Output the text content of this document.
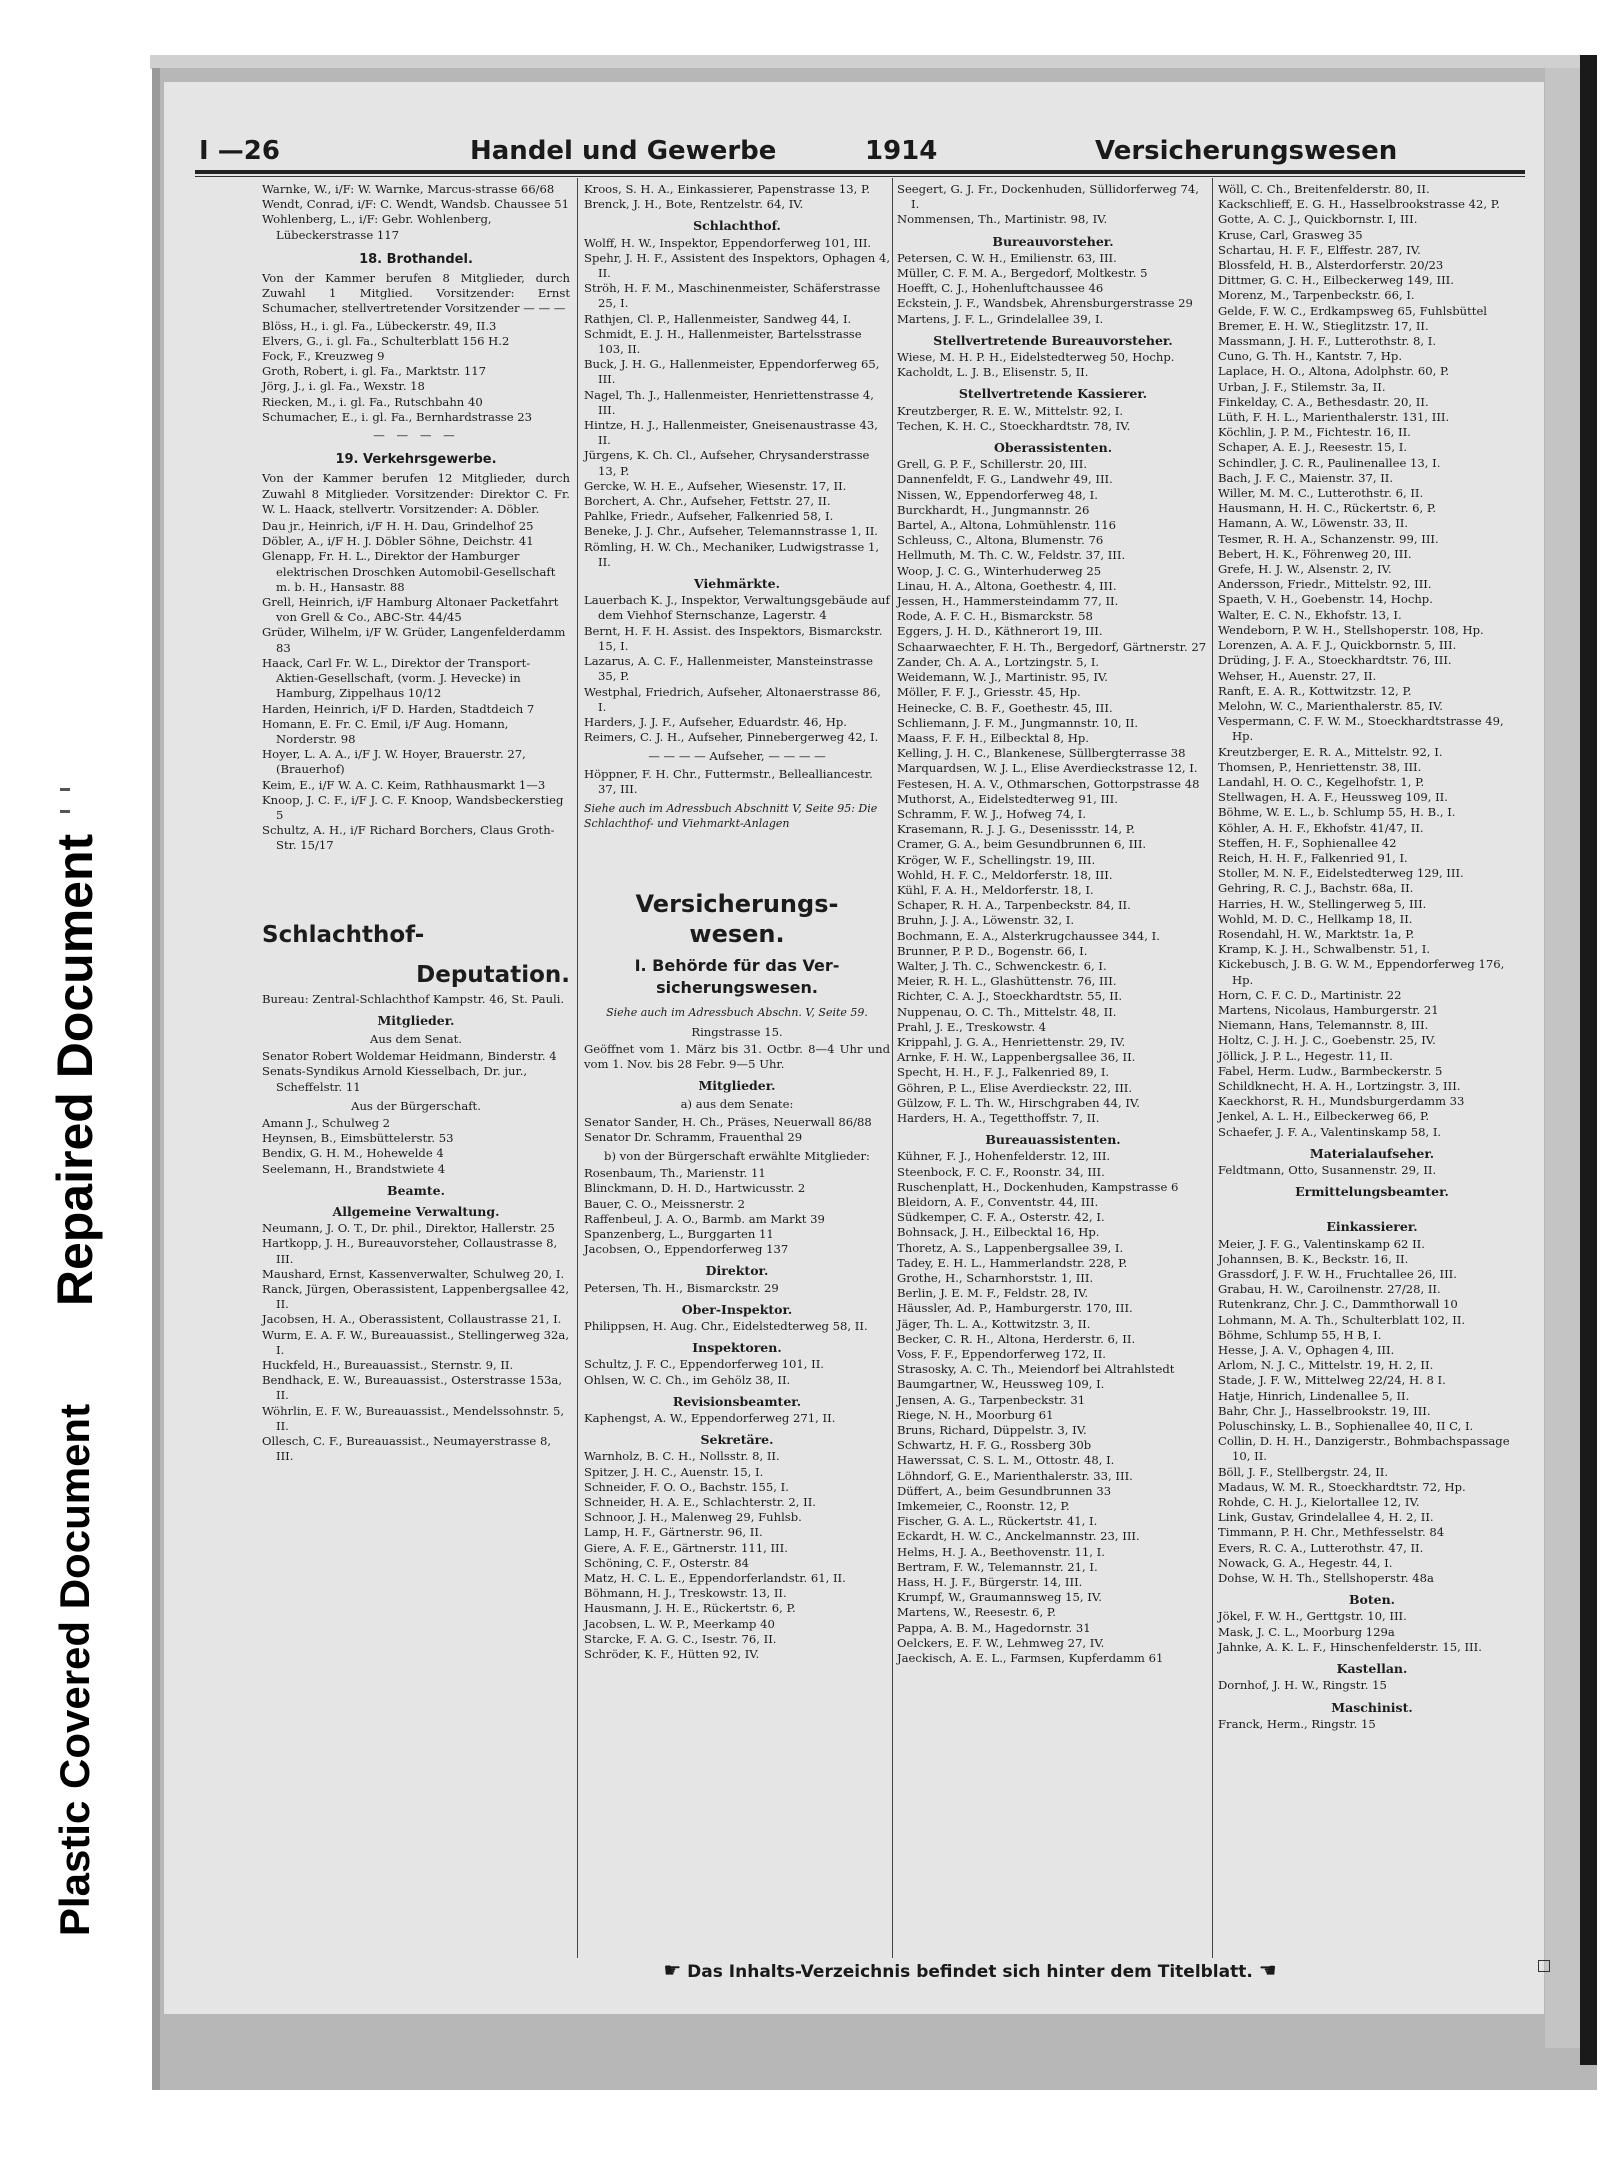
Repaired Document
Plastic Covered Document
I —26	Handel und Gewerbe	1914	Versicherungswesen

Warnke, W., i/F: W. Warnke, Marcus-strasse 66/68

Wendt, Conrad, i/F: C. Wendt, Wandsb. Chaussee 51

Wohlenberg, L., i/F: Gebr. Wohlenberg, Lübeckerstrasse 117

18. Brothandel.

Von der Kammer berufen 8 Mitglieder, durch Zuwahl 1 Mitglied. Vorsitzender: Ernst Schumacher, stellvertretender Vorsitzender — — —

Blöss, H., i. gl. Fa., Lübeckerstr. 49, II.3

Elvers, G., i. gl. Fa., Schulterblatt 156 H.2

Fock, F., Kreuzweg 9

Groth, Robert, i. gl. Fa., Marktstr. 117

Jörg, J., i. gl. Fa., Wexstr. 18

Riecken, M., i. gl. Fa., Rutschbahn 40

Schumacher, E., i. gl. Fa., Bernhardstrasse 23

— — — —
19. Verkehrsgewerbe.

Von der Kammer berufen 12 Mitglieder, durch Zuwahl 8 Mitglieder. Vorsitzender: Direktor C. Fr. W. L. Haack, stellvertr. Vorsitzender: A. Döbler.

Dau jr., Heinrich, i/F H. H. Dau, Grindelhof 25

Döbler, A., i/F H. J. Döbler Söhne, Deichstr. 41

Glenapp, Fr. H. L., Direktor der Hamburger elektrischen Droschken Automobil-Gesellschaft m. b. H., Hansastr. 88

Grell, Heinrich, i/F Hamburg Altonaer Packetfahrt von Grell & Co., ABC-Str. 44/45

Grüder, Wilhelm, i/F W. Grüder, Langenfelderdamm 83

Haack, Carl Fr. W. L., Direktor der Transport-Aktien-Gesellschaft, (vorm. J. Hevecke) in Hamburg, Zippelhaus 10/12

Harden, Heinrich, i/F D. Harden, Stadtdeich 7

Homann, E. Fr. C. Emil, i/F Aug. Homann, Norderstr. 98

Hoyer, L. A. A., i/F J. W. Hoyer, Brauerstr. 27, (Brauerhof)

Keim, E., i/F W. A. C. Keim, Rathhausmarkt 1—3

Knoop, J. C. F., i/F J. C. F. Knoop, Wandsbeckerstieg 5

Schultz, A. H., i/F Richard Borchers, Claus Groth-Str. 15/17

Schlachthof-
Deputation.

Bureau: Zentral-Schlachthof Kampstr. 46, St. Pauli.

Mitglieder.
Aus dem Senat.

Senator Robert Woldemar Heidmann, Binderstr. 4

Senats-Syndikus Arnold Kiesselbach, Dr. jur., Scheffelstr. 11

Aus der Bürgerschaft.

Amann J., Schulweg 2

Heynsen, B., Eimsbüttelerstr. 53

Bendix, G. H. M., Hohewelde 4

Seelemann, H., Brandstwiete 4

Beamte.
Allgemeine Verwaltung.

Neumann, J. O. T., Dr. phil., Direktor, Hallerstr. 25

Hartkopp, J. H., Bureauvorsteher, Collaustrasse 8, III.

Maushard, Ernst, Kassenverwalter, Schulweg 20, I.

Ranck, Jürgen, Oberassistent, Lappenbergsallee 42, II.

Jacobsen, H. A., Oberassistent, Collaustrasse 21, I.

Wurm, E. A. F. W., Bureauassist., Stellingerweg 32a, I.

Huckfeld, H., Bureauassist., Sternstr. 9, II.

Bendhack, E. W., Bureauassist., Osterstrasse 153a, II.

Wöhrlin, E. F. W., Bureauassist., Mendelssohnstr. 5, II.

Ollesch, C. F., Bureauassist., Neumayerstrasse 8, III.

Kroos, S. H. A., Einkassierer, Papenstrasse 13, P.

Brenck, J. H., Bote, Rentzelstr. 64, IV.

Schlachthof.

Wolff, H. W., Inspektor, Eppendorferweg 101, III.

Spehr, J. H. F., Assistent des Inspektors, Ophagen 4, II.

Ströh, H. F. M., Maschinenmeister, Schäferstrasse 25, I.

Rathjen, Cl. P., Hallenmeister, Sandweg 44, I.

Schmidt, E. J. H., Hallenmeister, Bartelsstrasse 103, II.

Buck, J. H. G., Hallenmeister, Eppendorferweg 65, III.

Nagel, Th. J., Hallenmeister, Henriettenstrasse 4, III.

Hintze, H. J., Hallenmeister, Gneisenaustrasse 43, II.

Jürgens, K. Ch. Cl., Aufseher, Chrysanderstrasse 13, P.

Gercke, W. H. E., Aufseher, Wiesenstr. 17, II.

Borchert, A. Chr., Aufseher, Fettstr. 27, II.

Pahlke, Friedr., Aufseher, Falkenried 58, I.

Beneke, J. J. Chr., Aufseher, Telemannstrasse 1, II.

Römling, H. W. Ch., Mechaniker, Ludwigstrasse 1, II.

Viehmärkte.

Lauerbach K. J., Inspektor, Verwaltungsgebäude auf dem Viehhof Sternschanze, Lagerstr. 4

Bernt, H. F. H. Assist. des Inspektors, Bismarckstr. 15, I.

Lazarus, A. C. F., Hallenmeister, Mansteinstrasse 35, P.

Westphal, Friedrich, Aufseher, Altonaerstrasse 86, I.

Harders, J. J. F., Aufseher, Eduardstr. 46, Hp.

Reimers, C. J. H., Aufseher, Pinnebergerweg 42, I.

— — — — Aufseher, — — — —

Höppner, F. H. Chr., Futtermstr., Bellealliancestr. 37, III.

Siehe auch im Adressbuch Abschnitt V, Seite 95: Die Schlachthof- und Viehmarkt-Anlagen

Versicherungs-
wesen.
I. Behörde für das Ver-
sicherungswesen.

Siehe auch im Adressbuch Abschn. V, Seite 59.

Ringstrasse 15.

Geöffnet vom 1. März bis 31. Octbr. 8—4 Uhr und vom 1. Nov. bis 28 Febr. 9—5 Uhr.

Mitglieder.
a) aus dem Senate:

Senator Sander, H. Ch., Präses, Neuerwall 86/88

Senator Dr. Schramm, Frauenthal 29

b) von der Bürgerschaft erwählte Mitglieder:

Rosenbaum, Th., Marienstr. 11

Blinckmann, D. H. D., Hartwicusstr. 2

Bauer, C. O., Meissnerstr. 2

Raffenbeul, J. A. O., Barmb. am Markt 39

Spanzenberg, L., Burggarten 11

Jacobsen, O., Eppendorferweg 137

Direktor.

Petersen, Th. H., Bismarckstr. 29

Ober-Inspektor.

Philippsen, H. Aug. Chr., Eidelstedterweg 58, II.

Inspektoren.

Schultz, J. F. C., Eppendorferweg 101, II.

Ohlsen, W. C. Ch., im Gehölz 38, II.

Revisionsbeamter.

Kaphengst, A. W., Eppendorferweg 271, II.

Sekretäre.

Warnholz, B. C. H., Nollsstr. 8, II.

Spitzer, J. H. C., Auenstr. 15, I.

Schneider, F. O. O., Bachstr. 155, I.

Schneider, H. A. E., Schlachterstr. 2, II.

Schnoor, J. H., Malenweg 29, Fuhlsb.

Lamp, H. F., Gärtnerstr. 96, II.

Giere, A. F. E., Gärtnerstr. 111, III.

Schöning, C. F., Osterstr. 84

Matz, H. C. L. E., Eppendorferlandstr. 61, II.

Böhmann, H. J., Treskowstr. 13, II.

Hausmann, J. H. E., Rückertstr. 6, P.

Jacobsen, L. W. P., Meerkamp 40

Starcke, F. A. G. C., Isestr. 76, II.

Schröder, K. F., Hütten 92, IV.

Seegert, G. J. Fr., Dockenhuden, Süllidorferweg 74, I.

Nommensen, Th., Martinistr. 98, IV.

Bureauvorsteher.

Petersen, C. W. H., Emilienstr. 63, III.

Müller, C. F. M. A., Bergedorf, Moltkestr. 5

Hoefft, C. J., Hohenluftchaussee 46

Eckstein, J. F., Wandsbek, Ahrensburgerstrasse 29

Martens, J. F. L., Grindelallee 39, I.

Stellvertretende Bureauvorsteher.

Wiese, M. H. P. H., Eidelstedterweg 50, Hochp.

Kacholdt, L. J. B., Elisenstr. 5, II.

Stellvertretende Kassierer.

Kreutzberger, R. E. W., Mittelstr. 92, I.

Techen, K. H. C., Stoeckhardtstr. 78, IV.

Oberassistenten.

Grell, G. P. F., Schillerstr. 20, III.

Dannenfeldt, F. G., Landwehr 49, III.

Nissen, W., Eppendorferweg 48, I.

Burckhardt, H., Jungmannstr. 26

Bartel, A., Altona, Lohmühlenstr. 116

Schleuss, C., Altona, Blumenstr. 76

Hellmuth, M. Th. C. W., Feldstr. 37, III.

Woop, J. C. G., Winterhuderweg 25

Linau, H. A., Altona, Goethestr. 4, III.

Jessen, H., Hammersteindamm 77, II.

Rode, A. F. C. H., Bismarckstr. 58

Eggers, J. H. D., Käthnerort 19, III.

Schaarwaechter, F. H. Th., Bergedorf, Gärtnerstr. 27

Zander, Ch. A. A., Lortzingstr. 5, I.

Weidemann, W. J., Martinistr. 95, IV.

Möller, F. F. J., Griesstr. 45, Hp.

Heinecke, C. B. F., Goethestr. 45, III.

Schliemann, J. F. M., Jungmannstr. 10, II.

Maass, F. F. H., Eilbecktal 8, Hp.

Kelling, J. H. C., Blankenese, Süllbergterrasse 38

Marquardsen, W. J. L., Elise Averdieckstrasse 12, I.

Festesen, H. A. V., Othmarschen, Gottorpstrasse 48

Muthorst, A., Eidelstedterweg 91, III.

Schramm, F. W. J., Hofweg 74, I.

Krasemann, R. J. J. G., Desenissstr. 14, P.

Cramer, G. A., beim Gesundbrunnen 6, III.

Kröger, W. F., Schellingstr. 19, III.

Wohld, H. F. C., Meldorferstr. 18, III.

Kühl, F. A. H., Meldorferstr. 18, I.

Schaper, R. H. A., Tarpenbeckstr. 84, II.

Bruhn, J. J. A., Löwenstr. 32, I.

Bochmann, E. A., Alsterkrugchaussee 344, I.

Brunner, P. P. D., Bogenstr. 66, I.

Walter, J. Th. C., Schwenckestr. 6, I.

Meier, R. H. L., Glashüttenstr. 76, III.

Richter, C. A. J., Stoeckhardtstr. 55, II.

Nuppenau, O. C. Th., Mittelstr. 48, II.

Prahl, J. E., Treskowstr. 4

Krippahl, J. G. A., Henriettenstr. 29, IV.

Arnke, F. H. W., Lappenbergsallee 36, II.

Specht, H. H., F. J., Falkenried 89, I.

Göhren, P. L., Elise Averdieckstr. 22, III.

Gülzow, F. L. Th. W., Hirschgraben 44, IV.

Harders, H. A., Tegetthoffstr. 7, II.

Bureauassistenten.

Kühner, F. J., Hohenfelderstr. 12, III.

Steenbock, F. C. F., Roonstr. 34, III.

Ruschenplatt, H., Dockenhuden, Kampstrasse 6

Bleidorn, A. F., Conventstr. 44, III.

Südkemper, C. F. A., Osterstr. 42, I.

Bohnsack, J. H., Eilbecktal 16, Hp.

Thoretz, A. S., Lappenbergsallee 39, I.

Tadey, E. H. L., Hammerlandstr. 228, P.

Grothe, H., Scharnhorststr. 1, III.

Berlin, J. E. M. F., Feldstr. 28, IV.

Häussler, Ad. P., Hamburgerstr. 170, III.

Jäger, Th. L. A., Kottwitzstr. 3, II.

Becker, C. R. H., Altona, Herderstr. 6, II.

Voss, F. F., Eppendorferweg 172, II.

Strasosky, A. C. Th., Meiendorf bei Altrahlstedt

Baumgartner, W., Heussweg 109, I.

Jensen, A. G., Tarpenbeckstr. 31

Riege, N. H., Moorburg 61

Bruns, Richard, Düppelstr. 3, IV.

Schwartz, H. F. G., Rossberg 30b

Hawerssat, C. S. L. M., Ottostr. 48, I.

Löhndorf, G. E., Marienthalerstr. 33, III.

Düffert, A., beim Gesundbrunnen 33

Imkemeier, C., Roonstr. 12, P.

Fischer, G. A. L., Rückertstr. 41, I.

Eckardt, H. W. C., Anckelmannstr. 23, III.

Helms, H. J. A., Beethovenstr. 11, I.

Bertram, F. W., Telemannstr. 21, I.

Hass, H. J. F., Bürgerstr. 14, III.

Krumpf, W., Graumannsweg 15, IV.

Martens, W., Reesestr. 6, P.

Pappa, A. B. M., Hagedornstr. 31

Oelckers, E. F. W., Lehmweg 27, IV.

Jaeckisch, A. E. L., Farmsen, Kupferdamm 61

Wöll, C. Ch., Breitenfelderstr. 80, II.

Kackschlieff, E. G. H., Hasselbrookstrasse 42, P.

Gotte, A. C. J., Quickbornstr. I, III.

Kruse, Carl, Grasweg 35

Schartau, H. F. F., Elffestr. 287, IV.

Blossfeld, H. B., Alsterdorferstr. 20/23

Dittmer, G. C. H., Eilbeckerweg 149, III.

Morenz, M., Tarpenbeckstr. 66, I.

Gelde, F. W. C., Erdkampsweg 65, Fuhlsbüttel

Bremer, E. H. W., Stieglitzstr. 17, II.

Massmann, J. H. F., Lutterothstr. 8, I.

Cuno, G. Th. H., Kantstr. 7, Hp.

Laplace, H. O., Altona, Adolphstr. 60, P.

Urban, J. F., Stilemstr. 3a, II.

Finkelday, C. A., Bethesdastr. 20, II.

Lüth, F. H. L., Marienthalerstr. 131, III.

Köchlin, J. P. M., Fichtestr. 16, II.

Schaper, A. E. J., Reesestr. 15, I.

Schindler, J. C. R., Paulinenallee 13, I.

Bach, J. F. C., Maienstr. 37, II.

Willer, M. M. C., Lutterothstr. 6, II.

Hausmann, H. H. C., Rückertstr. 6, P.

Hamann, A. W., Löwenstr. 33, II.

Tesmer, R. H. A., Schanzenstr. 99, III.

Bebert, H. K., Föhrenweg 20, III.

Grefe, H. J. W., Alsenstr. 2, IV.

Andersson, Friedr., Mittelstr. 92, III.

Spaeth, V. H., Goebenstr. 14, Hochp.

Walter, E. C. N., Ekhofstr. 13, I.

Wendeborn, P. W. H., Stellshoperstr. 108, Hp.

Lorenzen, A. A. F. J., Quickbornstr. 5, III.

Drüding, J. F. A., Stoeckhardtstr. 76, III.

Wehser, H., Auenstr. 27, II.

Ranft, E. A. R., Kottwitzstr. 12, P.

Melohn, W. C., Marienthalerstr. 85, IV.

Vespermann, C. F. W. M., Stoeckhardtstrasse 49, Hp.

Kreutzberger, E. R. A., Mittelstr. 92, I.

Thomsen, P., Henriettenstr. 38, III.

Landahl, H. O. C., Kegelhofstr. 1, P.

Stellwagen, H. A. F., Heussweg 109, II.

Böhme, W. E. L., b. Schlump 55, H. B., I.

Köhler, A. H. F., Ekhofstr. 41/47, II.

Steffen, H. F., Sophienallee 42

Reich, H. H. F., Falkenried 91, I.

Stoller, M. N. F., Eidelstedterweg 129, III.

Gehring, R. C. J., Bachstr. 68a, II.

Harries, H. W., Stellingerweg 5, III.

Wohld, M. D. C., Hellkamp 18, II.

Rosendahl, H. W., Marktstr. 1a, P.

Kramp, K. J. H., Schwalbenstr. 51, I.

Kickebusch, J. B. G. W. M., Eppendorferweg 176, Hp.

Horn, C. F. C. D., Martinistr. 22

Martens, Nicolaus, Hamburgerstr. 21

Niemann, Hans, Telemannstr. 8, III.

Holtz, C. J. H. J. C., Goebenstr. 25, IV.

Jöllick, J. P. L., Hegestr. 11, II.

Fabel, Herm. Ludw., Barmbeckerstr. 5

Schildknecht, H. A. H., Lortzingstr. 3, III.

Kaeckhorst, R. H., Mundsburgerdamm 33

Jenkel, A. L. H., Eilbeckerweg 66, P.

Schaefer, J. F. A., Valentinskamp 58, I.

Materialaufseher.

Feldtmann, Otto, Susannenstr. 29, II.

Ermittelungsbeamter.
Einkassierer.

Meier, J. F. G., Valentinskamp 62 II.

Johannsen, B. K., Beckstr. 16, II.

Grassdorf, J. F. W. H., Fruchtallee 26, III.

Grabau, H. W., Caroilnenstr. 27/28, II.

Rutenkranz, Chr. J. C., Dammthorwall 10

Lohmann, M. A. Th., Schulterblatt 102, II.

Böhme, Schlump 55, H B, I.

Hesse, J. A. V., Ophagen 4, III.

Arlom, N. J. C., Mittelstr. 19, H. 2, II.

Stade, J. F. W., Mittelweg 22/24, H. 8 I.

Hatje, Hinrich, Lindenallee 5, II.

Bahr, Chr. J., Hasselbrookstr. 19, III.

Poluschinsky, L. B., Sophienallee 40, II C, I.

Collin, D. H. H., Danzigerstr., Bohmbachspassage 10, II.

Böll, J. F., Stellbergstr. 24, II.

Madaus, W. M. R., Stoeckhardtstr. 72, Hp.

Rohde, C. H. J., Kielortallee 12, IV.

Link, Gustav, Grindelallee 4, H. 2, II.

Timmann, P. H. Chr., Methfesselstr. 84

Evers, R. C. A., Lutterothstr. 47, II.

Nowack, G. A., Hegestr. 44, I.

Dohse, W. H. Th., Stellshoperstr. 48a

Boten.

Jökel, F. W. H., Gerttgstr. 10, III.

Mask, J. C. L., Moorburg 129a

Jahnke, A. K. L. F., Hinschenfelderstr. 15, III.

Kastellan.

Dornhof, J. H. W., Ringstr. 15

Maschinist.

Franck, Herm., Ringstr. 15

☛ Das Inhalts-Verzeichnis befindet sich hinter dem Titelblatt. ☚
